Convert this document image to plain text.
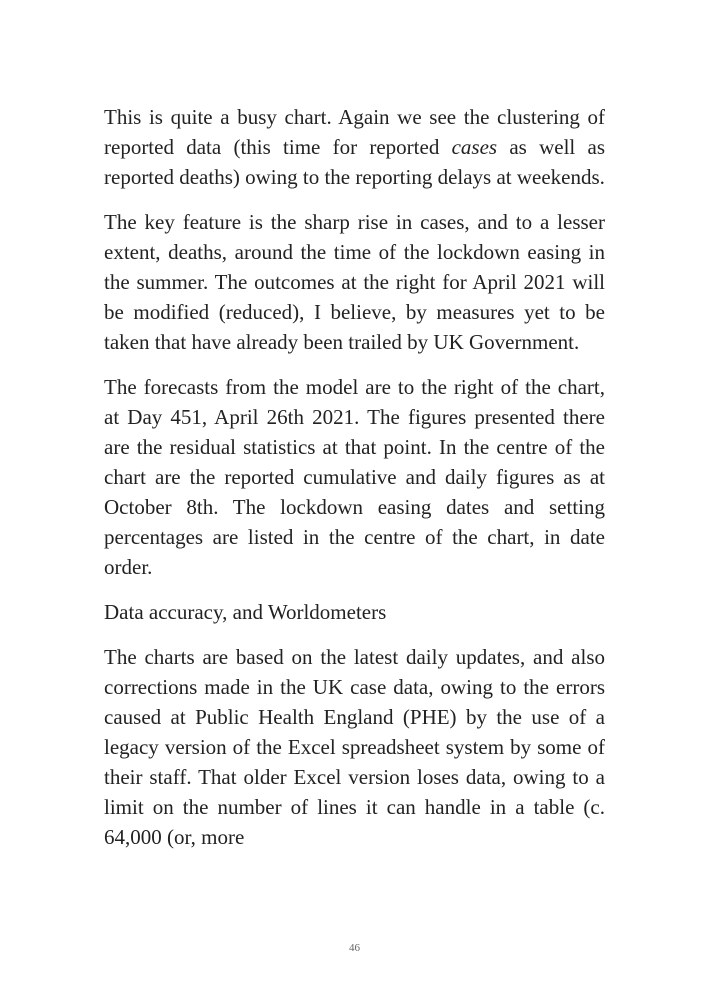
This is quite a busy chart. Again we see the clustering of reported data (this time for reported cases as well as reported deaths) owing to the reporting delays at weekends.

The key feature is the sharp rise in cases, and to a lesser extent, deaths, around the time of the lockdown easing in the summer. The outcomes at the right for April 2021 will be modified (reduced), I believe, by measures yet to be taken that have already been trailed by UK Government.

The forecasts from the model are to the right of the chart, at Day 451, April 26th 2021. The figures presented there are the residual statistics at that point. In the centre of the chart are the reported cumulative and daily figures as at October 8th. The lockdown easing dates and setting percentages are listed in the centre of the chart, in date order.

Data accuracy, and Worldometers

The charts are based on the latest daily updates, and also corrections made in the UK case data, owing to the errors caused at Public Health England (PHE) by the use of a legacy version of the Excel spreadsheet system by some of their staff. That older Excel version loses data, owing to a limit on the number of lines it can handle in a table (c. 64,000 (or, more

46
